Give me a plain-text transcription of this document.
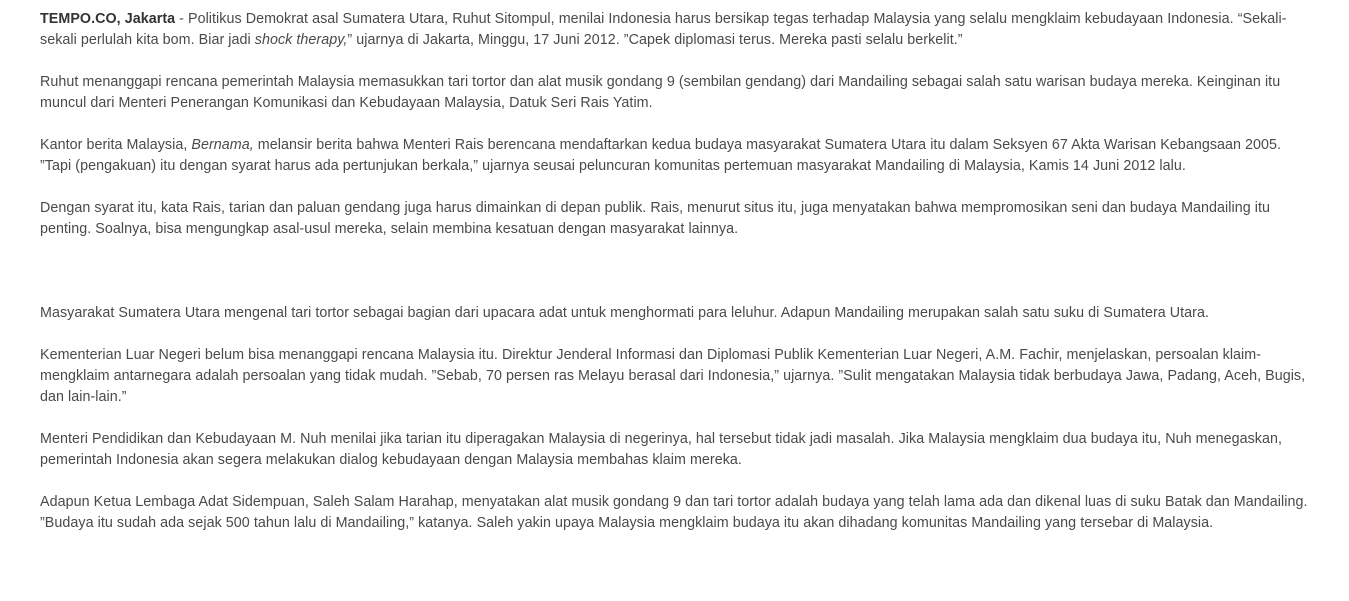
TEMPO.CO, Jakarta - Politikus Demokrat asal Sumatera Utara, Ruhut Sitompul, menilai Indonesia harus bersikap tegas terhadap Malaysia yang selalu mengklaim kebudayaan Indonesia. “Sekali-sekali perlulah kita bom. Biar jadi shock therapy,” ujarnya di Jakarta, Minggu, 17 Juni 2012. ”Capek diplomasi terus. Mereka pasti selalu berkelit.”

Ruhut menanggapi rencana pemerintah Malaysia memasukkan tari tortor dan alat musik gondang 9 (sembilan gendang) dari Mandailing sebagai salah satu warisan budaya mereka. Keinginan itu muncul dari Menteri Penerangan Komunikasi dan Kebudayaan Malaysia, Datuk Seri Rais Yatim.

Kantor berita Malaysia, Bernama, melansir berita bahwa Menteri Rais berencana mendaftarkan kedua budaya masyarakat Sumatera Utara itu dalam Seksyen 67 Akta Warisan Kebangsaan 2005. ”Tapi (pengakuan) itu dengan syarat harus ada pertunjukan berkala,” ujarnya seusai peluncuran komunitas pertemuan masyarakat Mandailing di Malaysia, Kamis 14 Juni 2012 lalu.

Dengan syarat itu, kata Rais, tarian dan paluan gendang juga harus dimainkan di depan publik. Rais, menurut situs itu, juga menyatakan bahwa mempromosikan seni dan budaya Mandailing itu penting. Soalnya, bisa mengungkap asal-usul mereka, selain membina kesatuan dengan masyarakat lainnya.

Masyarakat Sumatera Utara mengenal tari tortor sebagai bagian dari upacara adat untuk menghormati para leluhur. Adapun Mandailing merupakan salah satu suku di Sumatera Utara.

Kementerian Luar Negeri belum bisa menanggapi rencana Malaysia itu. Direktur Jenderal Informasi dan Diplomasi Publik Kementerian Luar Negeri, A.M. Fachir, menjelaskan, persoalan klaim-mengklaim antarnegara adalah persoalan yang tidak mudah. ”Sebab, 70 persen ras Melayu berasal dari Indonesia,” ujarnya. ”Sulit mengatakan Malaysia tidak berbudaya Jawa, Padang, Aceh, Bugis, dan lain-lain.”

Menteri Pendidikan dan Kebudayaan M. Nuh menilai jika tarian itu diperagakan Malaysia di negerinya, hal tersebut tidak jadi masalah. Jika Malaysia mengklaim dua budaya itu, Nuh menegaskan, pemerintah Indonesia akan segera melakukan dialog kebudayaan dengan Malaysia membahas klaim mereka.

Adapun Ketua Lembaga Adat Sidempuan, Saleh Salam Harahap, menyatakan alat musik gondang 9 dan tari tortor adalah budaya yang telah lama ada dan dikenal luas di suku Batak dan Mandailing. ”Budaya itu sudah ada sejak 500 tahun lalu di Mandailing,” katanya. Saleh yakin upaya Malaysia mengklaim budaya itu akan dihadang komunitas Mandailing yang tersebar di Malaysia.
